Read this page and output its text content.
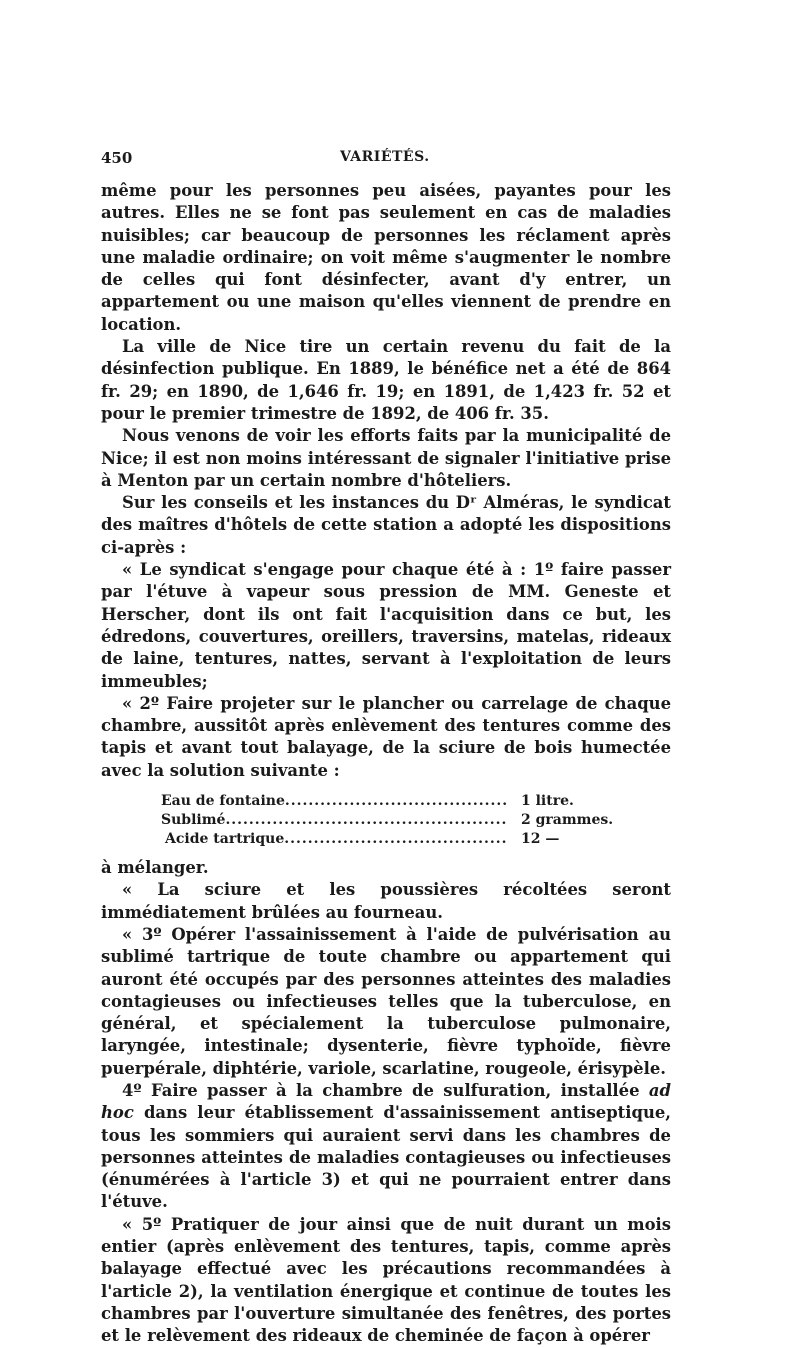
450	VARIÉTÉS.

même pour les personnes peu aisées, payantes pour les autres. Elles ne se font pas seulement en cas de maladies nuisibles; car beaucoup de personnes les réclament après une maladie ordinaire; on voit même s'augmenter le nombre de celles qui font désinfecter, avant d'y entrer, un appartement ou une maison qu'elles viennent de prendre en location.

La ville de Nice tire un certain revenu du fait de la désinfection publique. En 1889, le bénéfice net a été de 864 fr. 29; en 1890, de 1,646 fr. 19; en 1891, de 1,423 fr. 52 et pour le premier trimestre de 1892, de 406 fr. 35.

Nous venons de voir les efforts faits par la municipalité de Nice; il est non moins intéressant de signaler l'initiative prise à Menton par un certain nombre d'hôteliers.

Sur les conseils et les instances du Dʳ Alméras, le syndicat des maîtres d'hôtels de cette station a adopté les dispositions ci-après :

« Le syndicat s'engage pour chaque été à : 1º faire passer par l'étuve à vapeur sous pression de MM. Geneste et Herscher, dont ils ont fait l'acquisition dans ce but, les édredons, couvertures, oreillers, traversins, matelas, rideaux de laine, tentures, nattes, servant à l'exploitation de leurs immeubles;

« 2º Faire projeter sur le plancher ou carrelage de chaque chambre, aussitôt après enlèvement des tentures comme des tapis et avant tout balayage, de la sciure de bois humectée avec la solution suivante :

Eau de fontaine .....	1 litre.
Sublimé .....	2 grammes.
Acide tartrique .....	12 —

à mélanger.

« La sciure et les poussières récoltées seront immédiatement brûlées au fourneau.

« 3º Opérer l'assainissement à l'aide de pulvérisation au sublimé tartrique de toute chambre ou appartement qui auront été occupés par des personnes atteintes des maladies contagieuses ou infectieuses telles que la tuberculose, en général, et spécialement la tuberculose pulmonaire, laryngée, intestinale; dysenterie, fièvre typhoïde, fièvre puerpérale, diphtérie, variole, scarlatine, rougeole, érisypèle.

4º Faire passer à la chambre de sulfuration, installée ad hoc dans leur établissement d'assainissement antiseptique, tous les sommiers qui auraient servi dans les chambres de personnes atteintes de maladies contagieuses ou infectieuses (énumérées à l'article 3) et qui ne pourraient entrer dans l'étuve.

« 5º Pratiquer de jour ainsi que de nuit durant un mois entier (après enlèvement des tentures, tapis, comme après balayage effectué avec les précautions recommandées à l'article 2), la ventilation énergique et continue de toutes les chambres par l'ouverture simultanée des fenêtres, des portes et le relèvement des rideaux de cheminée de façon à opérer
